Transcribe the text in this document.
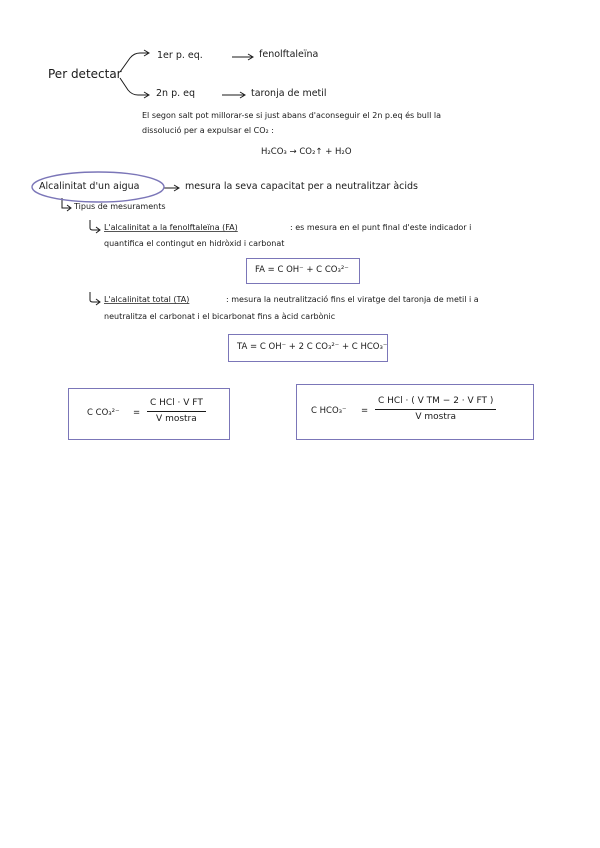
Per detectar
1er p. eq.	fenolftaleïna
2n p. eq	taronja de metil
El segon salt pot millorar-se si just abans d'aconseguir el 2n p.eq és bull la
dissolució per a expulsar el CO₂ :
H₂CO₃ → CO₂↑ + H₂O
Alcalinitat d'un aigua	mesura la seva capacitat per a neutralitzar àcids
Tipus de mesuraments
L'alcalinitat a la fenolftaleïna (FA)	: es mesura en el punt final d'este indicador i
quantifica el contingut en hidròxid i carbonat
FA = C OH⁻ + C CO₃²⁻
L'alcalinitat total (TA)	: mesura la neutralització fins el viratge del taronja de metil i a
neutralitza el carbonat i el bicarbonat fins a àcid carbònic
TA = C OH⁻ + 2 C CO₃²⁻ + C HCO₃⁻
C CO₃²⁻ =
C HCl · V FT
V mostra
C HCO₃⁻ =
C HCl · ( V TM − 2 · V FT )
V mostra
